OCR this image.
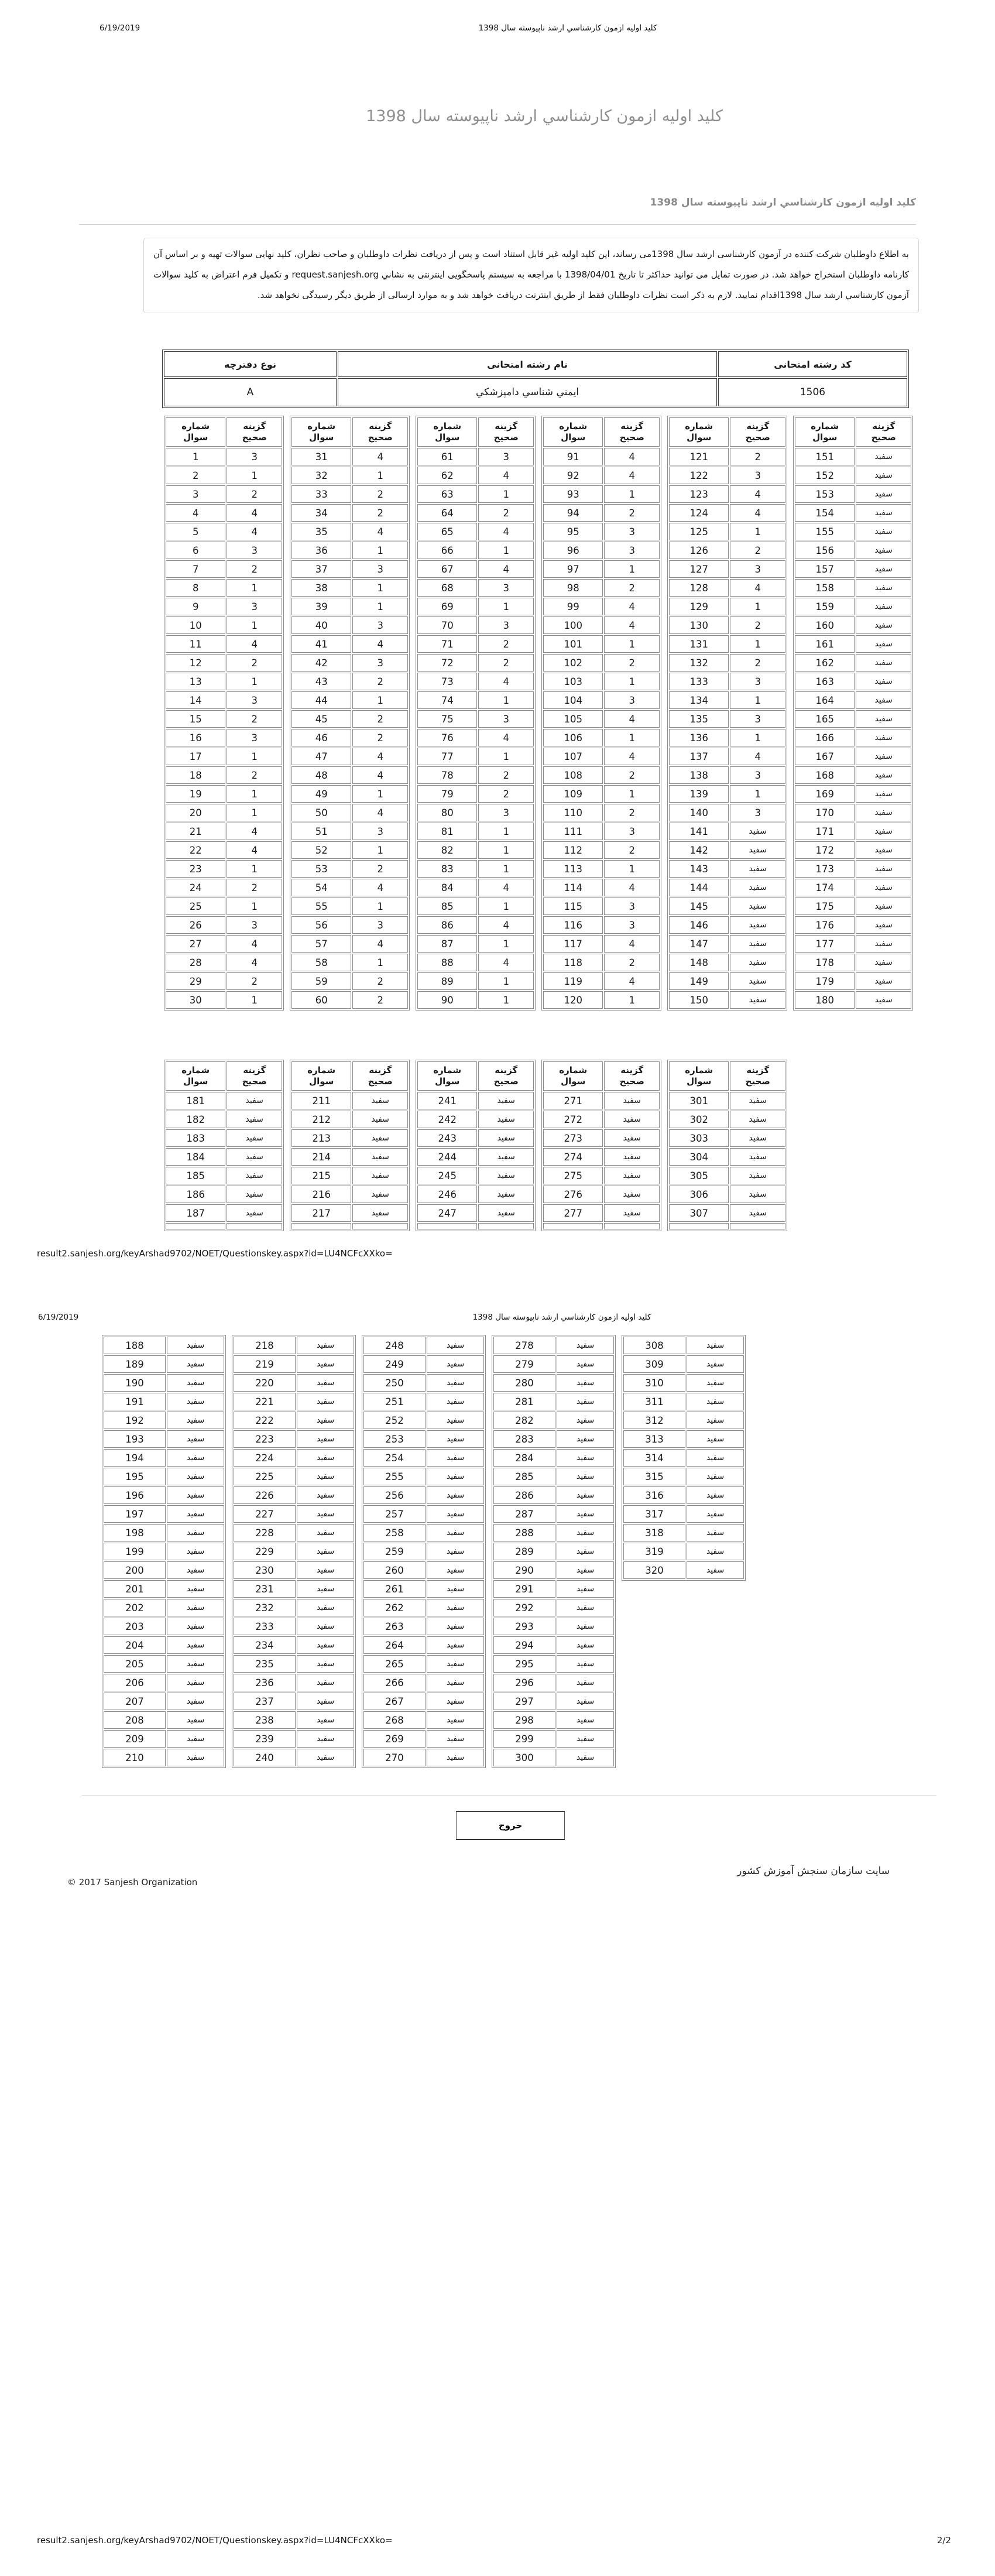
6/19/2019	کلید اولیه ازمون کارشناسي ارشد ناپیوسته سال 1398
کلید اولیه ازمون کارشناسي ارشد ناپیوسته سال 1398
کلید اولیه ازمون کارشناسي ارشد ناپیوسته سال 1398

به اطلاع داوطلبان شرکت کننده در آزمون کارشناسی ارشد سال 1398می رساند، این کلید اولیه غیر قابل استناد است و پس از دریافت نظرات داوطلبان و صاحب نظران، کلید نهایی سوالات تهیه و بر اساس آن کارنامه داوطلبان استخراج خواهد شد. در صورت تمایل می توانید حداکثر تا تاریخ 1398/04/01 با مراجعه به سیستم پاسخگویی اینترنتی به نشاني request.sanjesh.org و تکمیل فرم اعتراض به کلید سوالات آزمون کارشناسي ارشد سال 1398اقدام نمایید. لازم به ذکر است نظرات داوطلبان فقط از طریق اینترنت دریافت خواهد شد و به موارد ارسالی از طریق دیگر رسیدگی نخواهد شد.

نوع دفترچه	نام رشته امتحانی	کد رشته امتحانی
A	ايمني شناسي دامپزشكي	1506
شماره سوال	گزینه صحیح
1	3
2	1
3	2
4	4
5	4
6	3
7	2
8	1
9	3
10	1
11	4
12	2
13	1
14	3
15	2
16	3
17	1
18	2
19	1
20	1
21	4
22	4
23	1
24	2
25	1
26	3
27	4
28	4
29	2
30	1
شماره سوال	گزینه صحیح
31	4
32	1
33	2
34	2
35	4
36	1
37	3
38	1
39	1
40	3
41	4
42	3
43	2
44	1
45	2
46	2
47	4
48	4
49	1
50	4
51	3
52	1
53	2
54	4
55	1
56	3
57	4
58	1
59	2
60	2
شماره سوال	گزینه صحیح
61	3
62	4
63	1
64	2
65	4
66	1
67	4
68	3
69	1
70	3
71	2
72	2
73	4
74	1
75	3
76	4
77	1
78	2
79	2
80	3
81	1
82	1
83	1
84	4
85	1
86	4
87	1
88	4
89	1
90	1
شماره سوال	گزینه صحیح
91	4
92	4
93	1
94	2
95	3
96	3
97	1
98	2
99	4
100	4
101	1
102	2
103	1
104	3
105	4
106	1
107	4
108	2
109	1
110	2
111	3
112	2
113	1
114	4
115	3
116	3
117	4
118	2
119	4
120	1
شماره سوال	گزینه صحیح
121	2
122	3
123	4
124	4
125	1
126	2
127	3
128	4
129	1
130	2
131	1
132	2
133	3
134	1
135	3
136	1
137	4
138	3
139	1
140	3
141	سفید
142	سفید
143	سفید
144	سفید
145	سفید
146	سفید
147	سفید
148	سفید
149	سفید
150	سفید
شماره سوال	گزینه صحیح
151	سفید
152	سفید
153	سفید
154	سفید
155	سفید
156	سفید
157	سفید
158	سفید
159	سفید
160	سفید
161	سفید
162	سفید
163	سفید
164	سفید
165	سفید
166	سفید
167	سفید
168	سفید
169	سفید
170	سفید
171	سفید
172	سفید
173	سفید
174	سفید
175	سفید
176	سفید
177	سفید
178	سفید
179	سفید
180	سفید
شماره سوال	گزینه صحیح
181	سفید
182	سفید
183	سفید
184	سفید
185	سفید
186	سفید
187	سفید

شماره سوال	گزینه صحیح
211	سفید
212	سفید
213	سفید
214	سفید
215	سفید
216	سفید
217	سفید

شماره سوال	گزینه صحیح
241	سفید
242	سفید
243	سفید
244	سفید
245	سفید
246	سفید
247	سفید

شماره سوال	گزینه صحیح
271	سفید
272	سفید
273	سفید
274	سفید
275	سفید
276	سفید
277	سفید

شماره سوال	گزینه صحیح
301	سفید
302	سفید
303	سفید
304	سفید
305	سفید
306	سفید
307	سفید

result2.sanjesh.org/keyArshad9702/NOET/Questionskey.aspx?id=LU4NCFcXXko=
6/19/2019	کلید اولیه ازمون کارشناسي ارشد ناپیوسته سال 1398
188	سفید
189	سفید
190	سفید
191	سفید
192	سفید
193	سفید
194	سفید
195	سفید
196	سفید
197	سفید
198	سفید
199	سفید
200	سفید
201	سفید
202	سفید
203	سفید
204	سفید
205	سفید
206	سفید
207	سفید
208	سفید
209	سفید
210	سفید
218	سفید
219	سفید
220	سفید
221	سفید
222	سفید
223	سفید
224	سفید
225	سفید
226	سفید
227	سفید
228	سفید
229	سفید
230	سفید
231	سفید
232	سفید
233	سفید
234	سفید
235	سفید
236	سفید
237	سفید
238	سفید
239	سفید
240	سفید
248	سفید
249	سفید
250	سفید
251	سفید
252	سفید
253	سفید
254	سفید
255	سفید
256	سفید
257	سفید
258	سفید
259	سفید
260	سفید
261	سفید
262	سفید
263	سفید
264	سفید
265	سفید
266	سفید
267	سفید
268	سفید
269	سفید
270	سفید
278	سفید
279	سفید
280	سفید
281	سفید
282	سفید
283	سفید
284	سفید
285	سفید
286	سفید
287	سفید
288	سفید
289	سفید
290	سفید
291	سفید
292	سفید
293	سفید
294	سفید
295	سفید
296	سفید
297	سفید
298	سفید
299	سفید
300	سفید
308	سفید
309	سفید
310	سفید
311	سفید
312	سفید
313	سفید
314	سفید
315	سفید
316	سفید
317	سفید
318	سفید
319	سفید
320	سفید
خروج
سایت سازمان سنجش آموزش کشور
© 2017 Sanjesh Organization
result2.sanjesh.org/keyArshad9702/NOET/Questionskey.aspx?id=LU4NCFcXXko=	2/2
